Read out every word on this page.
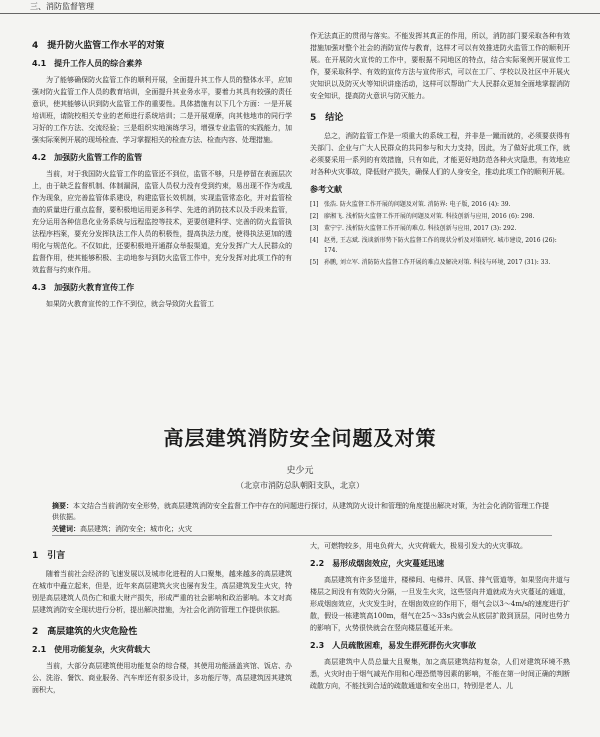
三、消防监督管理
4　提升防火监管工作水平的对策
4.1　提升工作人员的综合素养

为了能够确保防火监管工作的顺利开展，全面提升其工作人员的整体水平，应加强对防火监管工作人员的教育培训，全面提升其业务水平，要着力其具有较强的责任意识，使其能够认识到防火监管工作的重要性。具体措施有以下几个方面：一是开展培训班，请院校相关专业的老师进行系统培训；二是开展观摩，向其他地市的同行学习好的工作方法、交流经验；三是组织实地演练学习，增强专业监管的实践能力，加强实际案例开展的现场检查、学习掌握相关的检查方法、检查内容、处理措施。

4.2　加强防火监管工作的监管

当前，对于我国防火监管工作的监管还不到位，监管不够，只是停留在表面层次上，由于缺乏监督机制、体制漏洞，监管人员权力没有受到约束，易出现不作为或乱作为现象，应完善监管体系建设，构建监管长效机制，实现监管常态化，并对监管检查的质量进行重点监督，要积极地运用更多科学、先进的消防技术以及手段来监管，充分运用各种信息化业务系统与远程监控等技术，更要创建科学、完善的防火监管执法程序档案，要充分发挥执法工作人员的积极性，提高执法力度，使得执法更加的透明化与规范化。不仅如此，还要积极地开通群众举报渠道，充分发挥广大人民群众的监督作用，使其能够积极、主动地参与到防火监管工作中，充分发挥对此项工作的有效监督与约束作用。

4.3　加强防火教育宣传工作

如果防火教育宣传的工作不到位，就会导致防火监管工

作无法真正的贯彻与落实。不能发挥其真正的作用，所以，消防部门要采取各种有效措施加强对整个社会的消防宣传与教育，这样才可以有效推进防火监管工作的顺利开展。在开展防火宣传的工作中，要根据不同地区的特点，结合实际案例开展宣传工作，要采取科学、有效的宣传方法与宣传形式，可以在工厂、学校以及社区中开展火灾知识以及防灭火等知识讲座活动，这样可以帮助广大人民群众更加全面地掌握消防安全知识，提高防火意识与防灭能力。

5　结论

总之，消防监管工作是一项重大的系统工程，并非是一蹴而就的，必须要获得有关部门、企业与广大人民群众的共同参与和大力支持，因此，为了做好此项工作，就必须要采用一系列的有效措施，只有如此，才能更好地防范各种火灾隐患，有效地应对各种火灾事故，降低财产损失，确保人们的人身安全，推动此项工作的顺利开展。

参考文献
[1] 张浩. 防火监督工作开展的问题及对策. 消防界: 电子版, 2016 (4): 39.
[2] 廖湘飞. 浅析防火监督工作开展的问题及对策. 科技创新与应用, 2016 (6): 298.
[3] 董宁宁. 浅析防火监督工作开展的难点. 科技创新与应用, 2017 (3): 292.
[4] 赵勇, 王志斌. 浅谈新形势下防火监督工作的现状分析及对策研究. 城市建设, 2016 (26): 174.
[5] 孙鹏, 刘立军. 消防防火监督工作开展的难点及解决对策. 科技与环境, 2017 (31): 33.
高层建筑消防安全问题及对策
史少元
（北京市消防总队朝阳支队，北京）
摘要：本文结合当前消防安全形势，就高层建筑消防安全监督工作中存在的问题进行探讨，从建筑防火设计和管理的角度提出解决对策，为社会化消防管理工作提供依据。
关键词：高层建筑；消防安全；城市化；火灾
1　引言

随着当前社会经济的飞速发展以及城市化进程的人口聚集，越来越多的高层建筑在城市中矗立起来，但是，近年来高层建筑火灾也屡有发生，高层建筑发生火灾，特别是高层建筑人员伤亡和重大财产损失，形成严重的社会影响和政治影响。本文对高层建筑消防安全现状进行分析，提出解决措施，为社会化消防管理工作提供依据。

2　高层建筑的火灾危险性
2.1　使用功能复杂，火灾荷载大

当前，大部分高层建筑使用功能复杂的综合楼，其使用功能涵盖宾馆、饭店、办公、洗浴、餐饮、商业服务、汽车库还有很多设计，多功能厅等，高层建筑因其建筑面积大，

大，可燃物较多，用电负荷大，火灾荷载大，极易引发大的火灾事故。

2.2　易形成烟囱效应，火灾蔓延迅速

高层建筑有许多竖道井，楼梯间、电梯井、风管、排气管道等，如果竖向井道与楼层之间没有有效防火分隔，一旦发生火灾，这些竖向井道就成为火灾蔓延的通道，形成烟囱效应，火灾发生时，在烟囱效应的作用下，烟气会以3～4m/s的速度进行扩散，假设一栋建筑高100m，烟气在25～33s内就会从底层扩散到顶层，同时也势力的影响下，火势很快就会在竖向楼层蔓延开来。

2.3　人员疏散困难，易发生群死群伤火灾事故

高层建筑中人员总量大且聚集，加之高层建筑结构复杂，人们对建筑环境不熟悉，火灾时由于烟气减光作用和心理恐慌等因素的影响，不能在第一时间正确的判断疏散方向，不能找到合适的疏散通道和安全出口，特别是老人、儿
